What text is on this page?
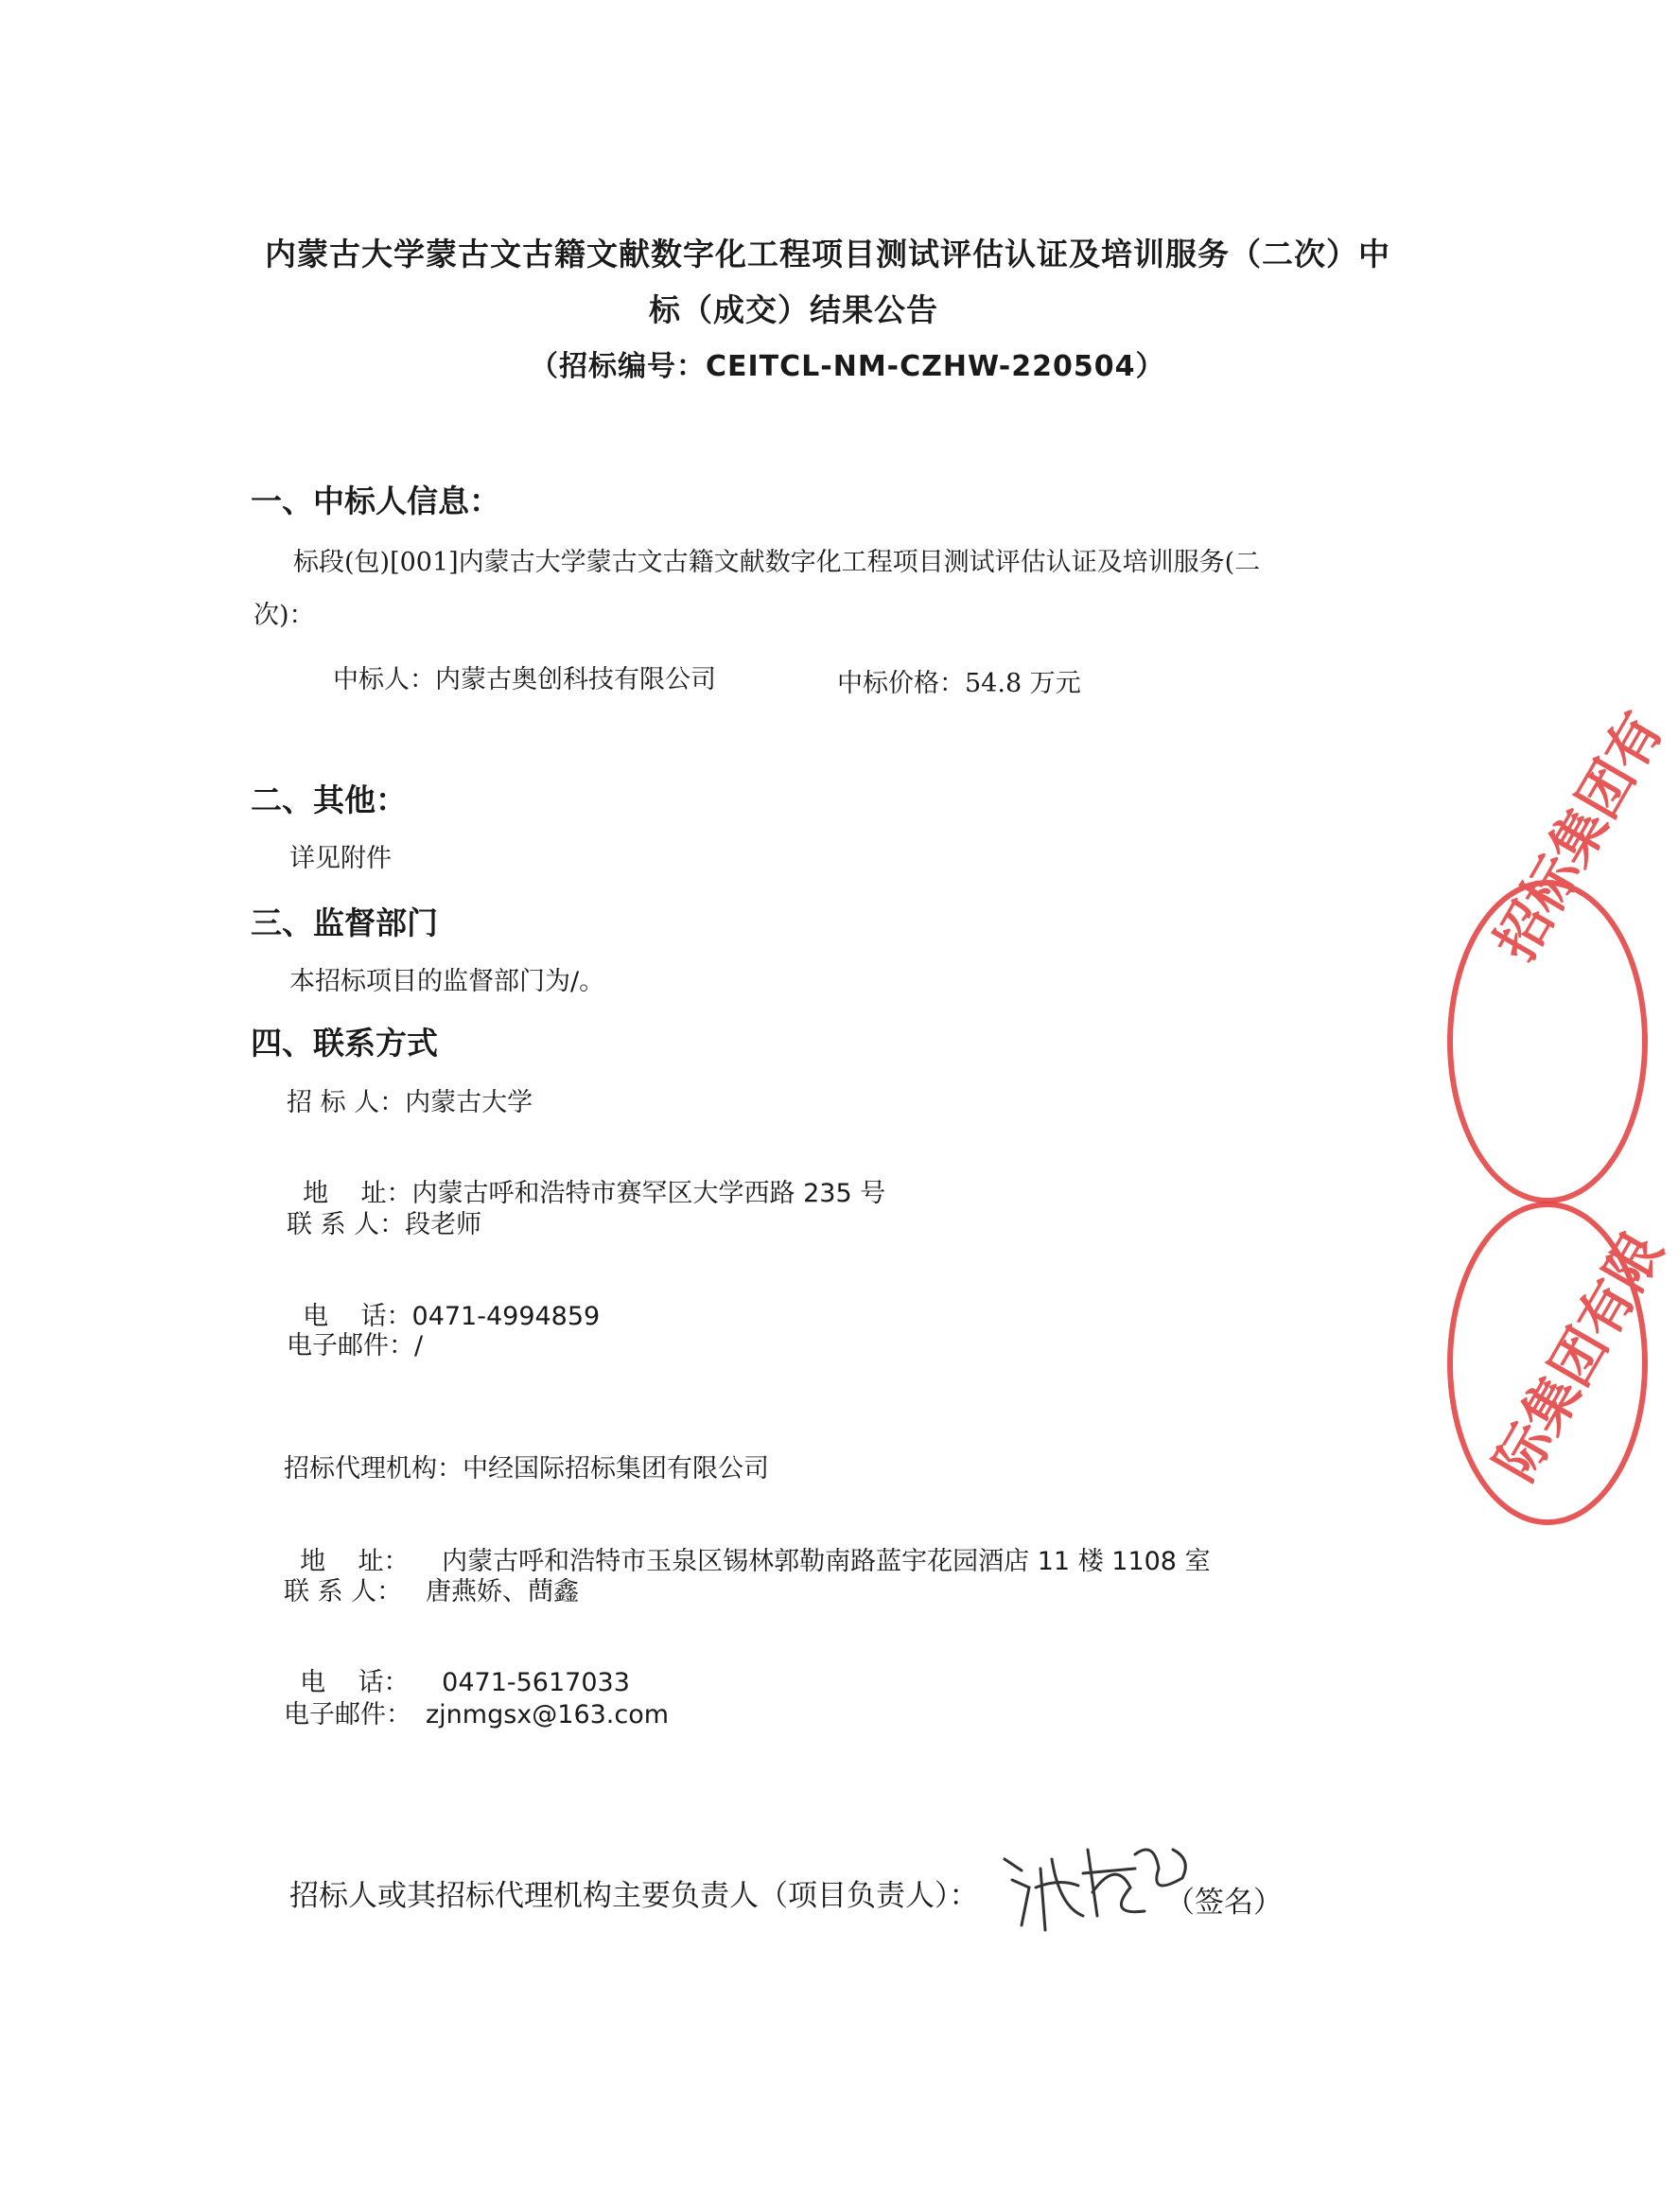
内蒙古大学蒙古文古籍文献数字化工程项目测试评估认证及培训服务（二次）中
标（成交）结果公告
（招标编号：CEITCL-NM-CZHW-220504）
一、中标人信息：
标段(包)[001]内蒙古大学蒙古文古籍文献数字化工程项目测试评估认证及培训服务(二
次)：
中标人：内蒙古奥创科技有限公司	中标价格：54.8 万元
二、其他：
详见附件
三、监督部门
本招标项目的监督部门为/。
四、联系方式
招 标 人：内蒙古大学

地    址：内蒙古呼和浩特市赛罕区大学西路 235 号

联 系 人：段老师

电    话：0471-4994859

电子邮件：/
招标代理机构：中经国际招标集团有限公司

地    址： 内蒙古呼和浩特市玉泉区锡林郭勒南路蓝宇花园酒店 11 楼 1108 室

联 系 人： 唐燕娇、蔄鑫

电    话： 0471-5617033

电子邮件： zjnmgsx@163.com
招标人或其招标代理机构主要负责人（项目负责人）：	（签名）
招标集团有
际集团有限
